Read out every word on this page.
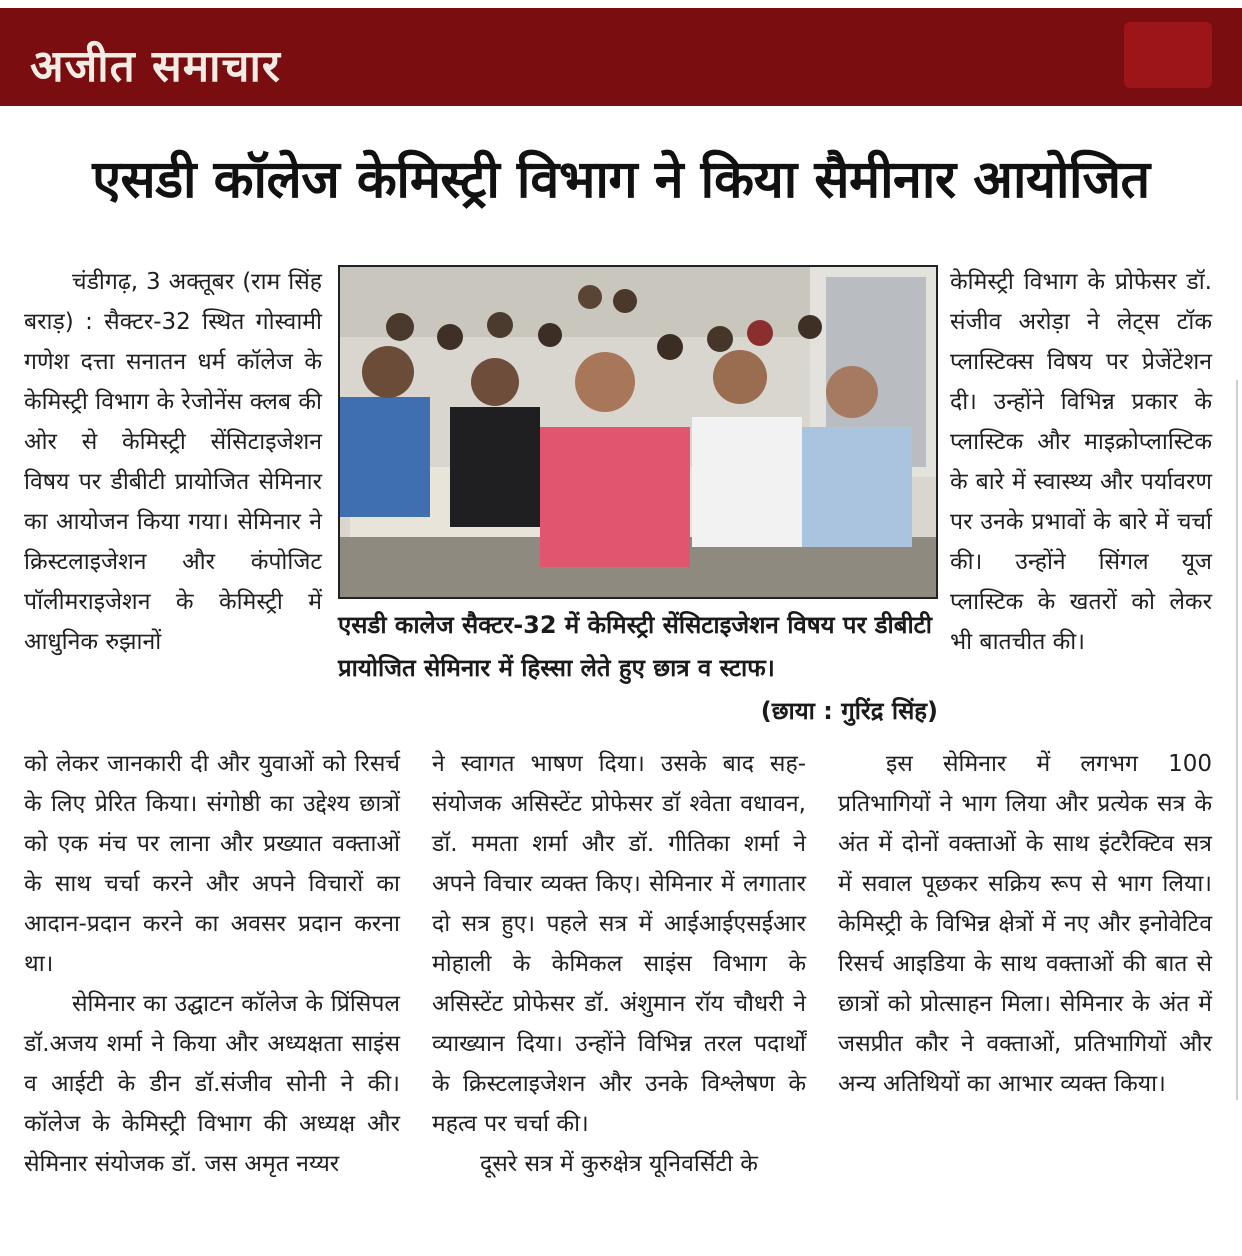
अजीत समाचार
एसडी कॉलेज केमिस्ट्री विभाग ने किया सैमीनार आयोजित

चंडीगढ़, 3 अक्तूबर (राम सिंह बराड़) : सैक्टर-32 स्थित गोस्वामी गणेश दत्ता सनातन धर्म कॉलेज के केमिस्ट्री विभाग के रेजोनेंस क्लब की ओर से केमिस्ट्री सेंसिटाइजेशन विषय पर डीबीटी प्रायोजित सेमिनार का आयोजन किया गया। सेमिनार ने क्रिस्टलाइजेशन और कंपोजिट पॉलीमराइजेशन के केमिस्ट्री में आधुनिक रुझानों

एसडी कालेज सैक्टर-32 में केमिस्ट्री सेंसिटाइजेशन विषय पर डीबीटी प्रायोजित सेमिनार में हिस्सा लेते हुए छात्र व स्टाफ।
(छाया : गुरिंद्र सिंह)

केमिस्ट्री विभाग के प्रोफेसर डॉ. संजीव अरोड़ा ने लेट्स टॉक प्लास्टिक्स विषय पर प्रेजेंटेशन दी। उन्होंने विभिन्न प्रकार के प्लास्टिक और माइक्रोप्लास्टिक के बारे में स्वास्थ्य और पर्यावरण पर उनके प्रभावों के बारे में चर्चा की। उन्होंने सिंगल यूज प्लास्टिक के खतरों को लेकर भी बातचीत की।

को लेकर जानकारी दी और युवाओं को रिसर्च के लिए प्रेरित किया। संगोष्ठी का उद्देश्य छात्रों को एक मंच पर लाना और प्रख्यात वक्ताओं के साथ चर्चा करने और अपने विचारों का आदान-प्रदान करने का अवसर प्रदान करना था।

सेमिनार का उद्घाटन कॉलेज के प्रिंसिपल डॉ.अजय शर्मा ने किया और अध्यक्षता साइंस व आईटी के डीन डॉ.संजीव सोनी ने की। कॉलेज के केमिस्ट्री विभाग की अध्यक्ष और सेमिनार संयोजक डॉ. जस अमृत नय्यर

ने स्वागत भाषण दिया। उसके बाद सह-संयोजक असिस्टेंट प्रोफेसर डॉ श्वेता वधावन, डॉ. ममता शर्मा और डॉ. गीतिका शर्मा ने अपने विचार व्यक्त किए। सेमिनार में लगातार दो सत्र हुए। पहले सत्र में आईआईएसईआर मोहाली के केमिकल साइंस विभाग के असिस्टेंट प्रोफेसर डॉ. अंशुमान रॉय चौधरी ने व्याख्यान दिया। उन्होंने विभिन्न तरल पदार्थों के क्रिस्टलाइजेशन और उनके विश्लेषण के महत्व पर चर्चा की।

दूसरे सत्र में कुरुक्षेत्र यूनिवर्सिटी के

इस सेमिनार में लगभग 100 प्रतिभागियों ने भाग लिया और प्रत्येक सत्र के अंत में दोनों वक्ताओं के साथ इंटरैक्टिव सत्र में सवाल पूछकर सक्रिय रूप से भाग लिया। केमिस्ट्री के विभिन्न क्षेत्रों में नए और इनोवेटिव रिसर्च आइडिया के साथ वक्ताओं की बात से छात्रों को प्रोत्साहन मिला। सेमिनार के अंत में जसप्रीत कौर ने वक्ताओं, प्रतिभागियों और अन्य अतिथियों का आभार व्यक्त किया।
